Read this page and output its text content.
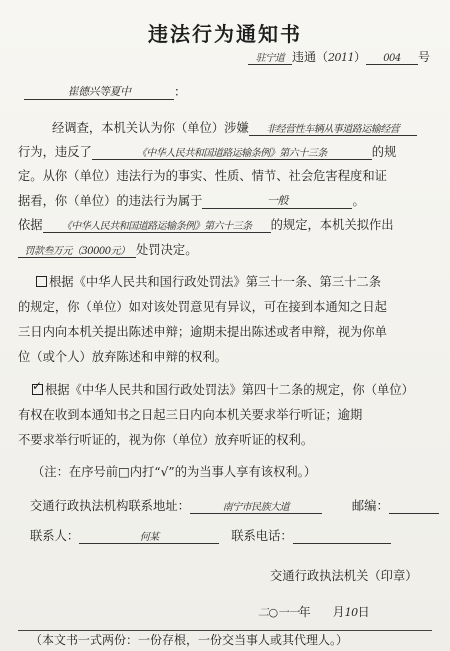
违法行为通知书
驻宁道 违通（2011） 004 号
崔德兴等夏中	：
经调查，本机关认为你（单位）涉嫌 非经营性车辆从事道路运输经营
行为，违反了	《中华人民共和国道路运输条例》第六十三条	的规
定。从你（单位）违法行为的事实、性质、情节、社会危害程度和证
据看，你（单位）的违法行为属于	一般	。
依据 《中华人民共和国道路运输条例》第六十三条 的规定，本机关拟作出
罚款叁万元（30000元） 处罚决定。
根据《中华人民共和国行政处罚法》第三十一条、第三十二条
的规定，你（单位）如对该处罚意见有异议，可在接到本通知之日起
三日内向本机关提出陈述申辩；逾期未提出陈述或者申辩，视为你单
位（或个人）放弃陈述和申辩的权利。
✓根据《中华人民共和国行政处罚法》第四十二条的规定，你（单位）
有权在收到本通知书之日起三日内向本机关要求举行听证；逾期
不要求举行听证的，视为你（单位）放弃听证的权利。
（注：在序号前□内打“√”的为当事人享有该权利。）
交通行政执法机构联系地址：	南宁市民族大道	邮编：
联系人：	何某	联系电话：
交通行政执法机关（印章）
二○一一年 月10日
（本文书一式两份：一份存根，一份交当事人或其代理人。）
